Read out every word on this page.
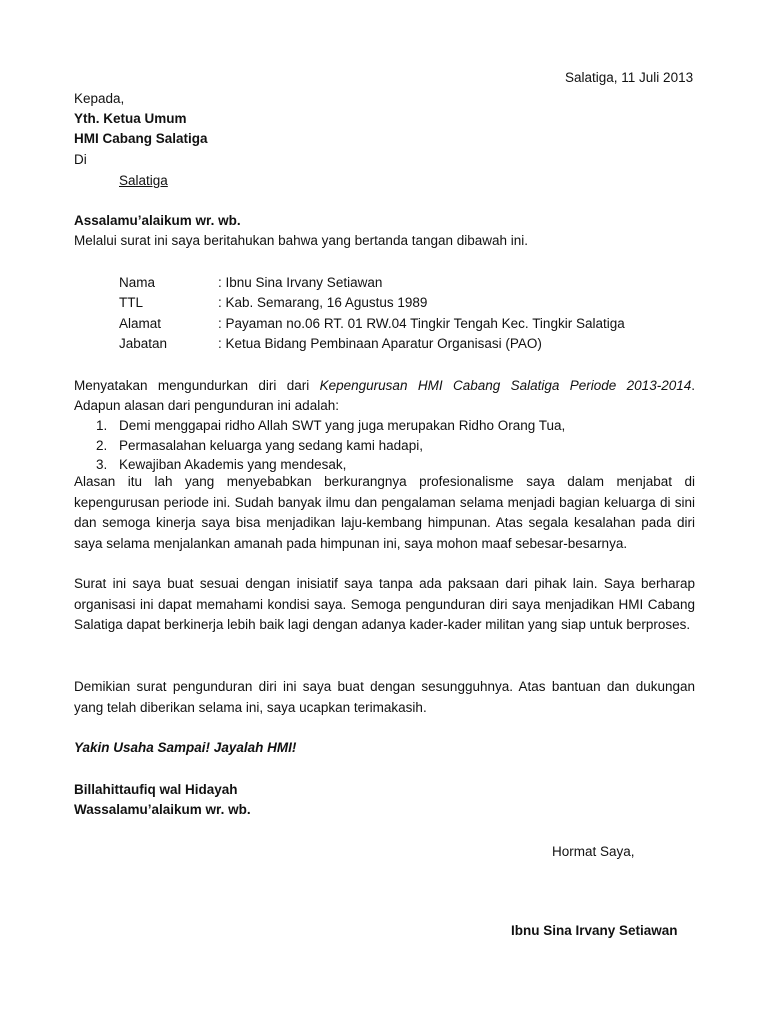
Salatiga, 11 Juli 2013
Kepada,
Yth. Ketua Umum
HMI Cabang Salatiga
Di
Salatiga
Assalamu’alaikum wr. wb.
Melalui surat ini saya beritahukan bahwa yang bertanda tangan dibawah ini.
Nama	: Ibnu Sina Irvany Setiawan
TTL	: Kab. Semarang, 16 Agustus 1989
Alamat	: Payaman no.06 RT. 01 RW.04 Tingkir Tengah Kec. Tingkir Salatiga
Jabatan	: Ketua Bidang Pembinaan Aparatur Organisasi (PAO)
Menyatakan mengundurkan diri dari Kepengurusan HMI Cabang Salatiga Periode 2013-2014.
Adapun alasan dari pengunduran ini adalah:
1. Demi menggapai ridho Allah SWT yang juga merupakan Ridho Orang Tua,
2. Permasalahan keluarga yang sedang kami hadapi,
3. Kewajiban Akademis yang mendesak,
Alasan itu lah yang menyebabkan berkurangnya profesionalisme saya dalam menjabat di kepengurusan periode ini. Sudah banyak ilmu dan pengalaman selama menjadi bagian keluarga di sini dan semoga kinerja saya bisa menjadikan laju-kembang himpunan. Atas segala kesalahan pada diri saya selama menjalankan amanah pada himpunan ini, saya mohon maaf sebesar-besarnya.
Surat ini saya buat sesuai dengan inisiatif saya tanpa ada paksaan dari pihak lain. Saya berharap organisasi ini dapat memahami kondisi saya. Semoga pengunduran diri saya menjadikan HMI Cabang Salatiga dapat berkinerja lebih baik lagi dengan adanya kader-kader militan yang siap untuk berproses.
Demikian surat pengunduran diri ini saya buat dengan sesungguhnya. Atas bantuan dan dukungan yang telah diberikan selama ini, saya ucapkan terimakasih.
Yakin Usaha Sampai! Jayalah HMI!
Billahittaufiq wal Hidayah
Wassalamu’alaikum wr. wb.
Hormat Saya,
Ibnu Sina Irvany Setiawan
